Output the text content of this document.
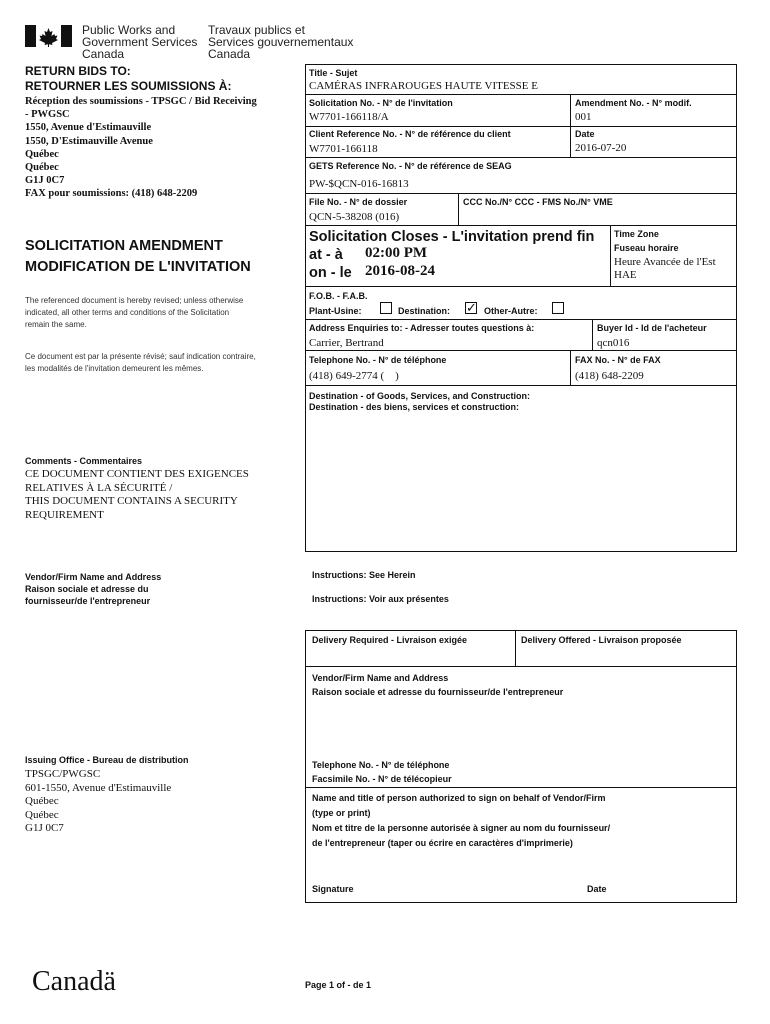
Public Works and
Government Services
Canada
Travaux publics et
Services gouvernementaux
Canada
RETURN BIDS TO:
RETOURNER LES SOUMISSIONS À:
Réception des soumissions - TPSGC / Bid Receiving
- PWGSC
1550, Avenue d'Estimauville
1550, D'Estimauville Avenue
Québec
Québec
G1J 0C7
FAX pour soumissions: (418) 648-2209
SOLICITATION AMENDMENT
MODIFICATION DE L'INVITATION
The referenced document is hereby revised; unless otherwise
indicated, all other terms and conditions of the Solicitation
remain the same.
Ce document est par la présente révisé; sauf indication contraire,
les modalités de l'invitation demeurent les mêmes.
Comments - Commentaires
CE DOCUMENT CONTIENT DES EXIGENCES
RELATIVES À LA SÉCURITÉ /
THIS DOCUMENT CONTAINS A SECURITY
REQUIREMENT
Vendor/Firm Name and Address
Raison sociale et adresse du
fournisseur/de l'entrepreneur
Issuing Office - Bureau de distribution
TPSGC/PWGSC
601-1550, Avenue d'Estimauville
Québec
Québec
G1J 0C7
Title - Sujet
CAMÉRAS INFRAROUGES HAUTE VITESSE E
Solicitation No. - N° de l'invitation
W7701-166118/A
Amendment No. - N° modif.
001
Client Reference No. - N° de référence du client
W7701-166118
Date
2016-07-20
GETS Reference No. - N° de référence de SEAG
PW-$QCN-016-16813
File No. - N° de dossier
QCN-5-38208 (016)
CCC No./N° CCC - FMS No./N° VME
Solicitation Closes - L'invitation prend fin
at - à 02:00 PM
on - le 2016-08-24
Time Zone
Fuseau horaire
Heure Avancée de l'Est
HAE
F.O.B. - F.A.B.
Plant-Usine:	Destination: ✓ Other-Autre:
Address Enquiries to: - Adresser toutes questions à:
Carrier, Bertrand
Buyer Id - Id de l'acheteur
qcn016
Telephone No. - N° de téléphone
(418) 649-2774 (    )
FAX No. - N° de FAX
(418) 648-2209
Destination - of Goods, Services, and Construction:
Destination - des biens, services et construction:
Instructions: See Herein
Instructions: Voir aux présentes
Delivery Required - Livraison exigée	Delivery Offered - Livraison proposée
Vendor/Firm Name and Address
Raison sociale et adresse du fournisseur/de l'entrepreneur
Telephone No. - N° de téléphone
Facsimile No. - N° de télécopieur
Name and title of person authorized to sign on behalf of Vendor/Firm
(type or print)
Nom et titre de la personne autorisée à signer au nom du fournisseur/
de l'entrepreneur (taper ou écrire en caractères d'imprimerie)
Signature	Date
Canadä	Page 1 of - de 1
